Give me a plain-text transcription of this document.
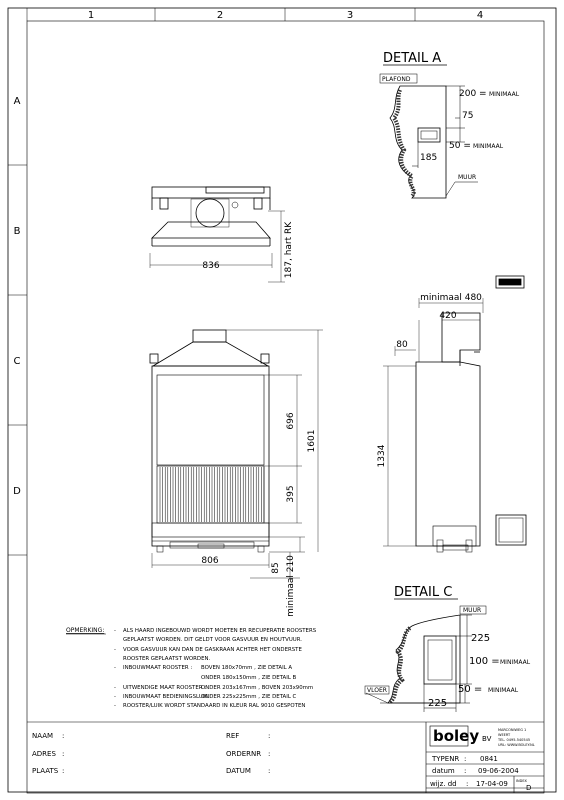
1	2	3	4
A
B
C
D
DETAIL A
PLAFOND
200 = MINIMAAL
75
50 = MINIMAAL
185
MUUR
836	187, hart RK
696
395
1601
806
85 minimaal 210
minimaal 480
420
80
1334
DETAIL C
MUUR
225
100 = MINIMAAL
50 = MINIMAAL
VLOER
225
OPMERKING: - ALS HAARD INGEBOUWD WORDT MOETEN ER RECUPERATIE ROOSTERS
GEPLAATST WORDEN. DIT GELDT VOOR GASVUUR EN HOUTVUUR.
- VOOR GASVUUR KAN DAN DE GASKRAAN ACHTER HET ONDERSTE
ROOSTER GEPLAATST WORDEN.
- INBOUWMAAT ROOSTER : BOVEN 180x70mm , ZIE DETAIL A
ONDER 180x150mm , ZIE DETAIL B
- UITWENDIGE MAAT ROOSTER :
ONDER 203x167mm , BOVEN 203x90mm
- INBOUWMAAT BEDIENINGSLUIK :
ONDER 225x225mm , ZIE DETAIL C
- ROOSTER/LUIK WORDT STANDAARD IN KLEUR RAL 9010 GESPOTEN
NAAM :
ADRES :
PLAATS :
REF	:
ORDERNR :
DATUM :
boley BV
MARCONIWEG 1
WEERT
TEL. 0495-540545
URL: WWW.BOLEY.NL
TYPENR : 0841
datum : 09-06-2004
wijz. dd : 17-04-09 INDEX
D
